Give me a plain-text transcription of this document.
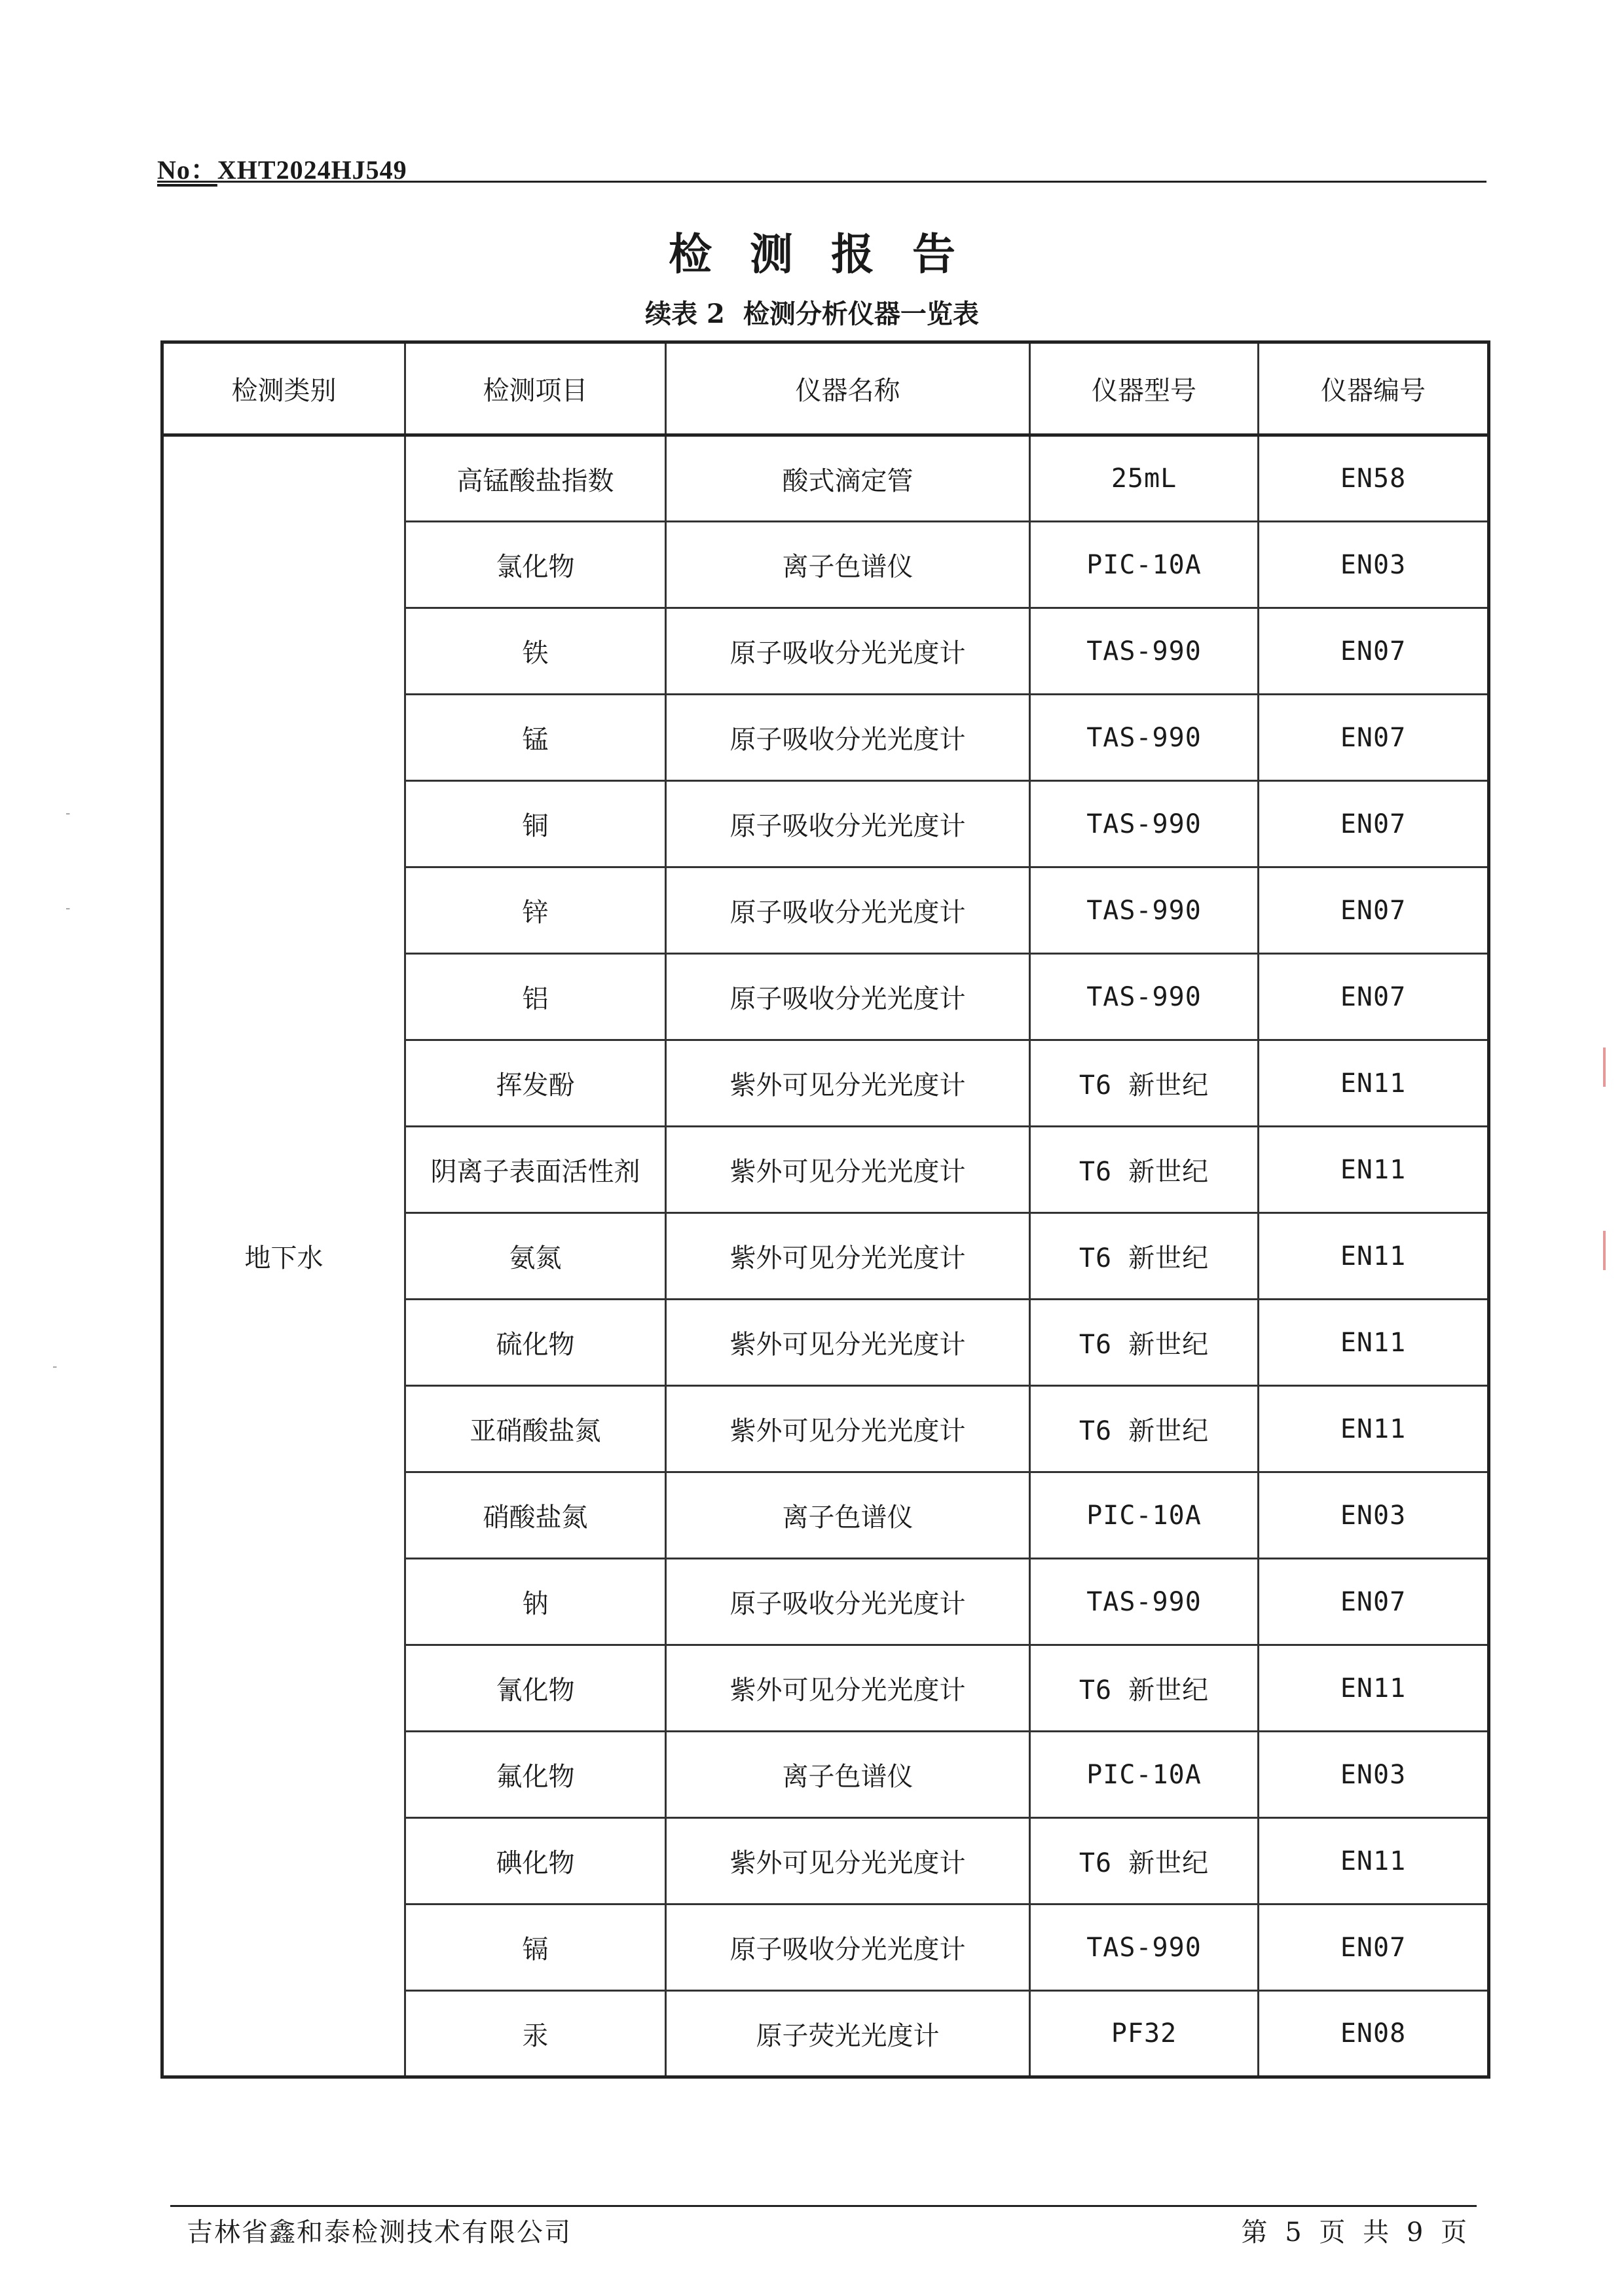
No：XHT2024HJ549
检测报告
续表 2 检测分析仪器一览表
检测类别	检测项目	仪器名称	仪器型号	仪器编号
地下水	高锰酸盐指数	酸式滴定管	25mL	EN58
	氯化物	离子色谱仪	PIC-10A	EN03
	铁	原子吸收分光光度计	TAS-990	EN07
	锰	原子吸收分光光度计	TAS-990	EN07
	铜	原子吸收分光光度计	TAS-990	EN07
	锌	原子吸收分光光度计	TAS-990	EN07
	铝	原子吸收分光光度计	TAS-990	EN07
	挥发酚	紫外可见分光光度计	T6 新世纪	EN11
	阴离子表面活性剂	紫外可见分光光度计	T6 新世纪	EN11
	氨氮	紫外可见分光光度计	T6 新世纪	EN11
	硫化物	紫外可见分光光度计	T6 新世纪	EN11
	亚硝酸盐氮	紫外可见分光光度计	T6 新世纪	EN11
	硝酸盐氮	离子色谱仪	PIC-10A	EN03
	钠	原子吸收分光光度计	TAS-990	EN07
	氰化物	紫外可见分光光度计	T6 新世纪	EN11
	氟化物	离子色谱仪	PIC-10A	EN03
	碘化物	紫外可见分光光度计	T6 新世纪	EN11
	镉	原子吸收分光光度计	TAS-990	EN07
	汞	原子荧光光度计	PF32	EN08
吉林省鑫和泰检测技术有限公司	第 5 页 共 9 页
-
-
-
